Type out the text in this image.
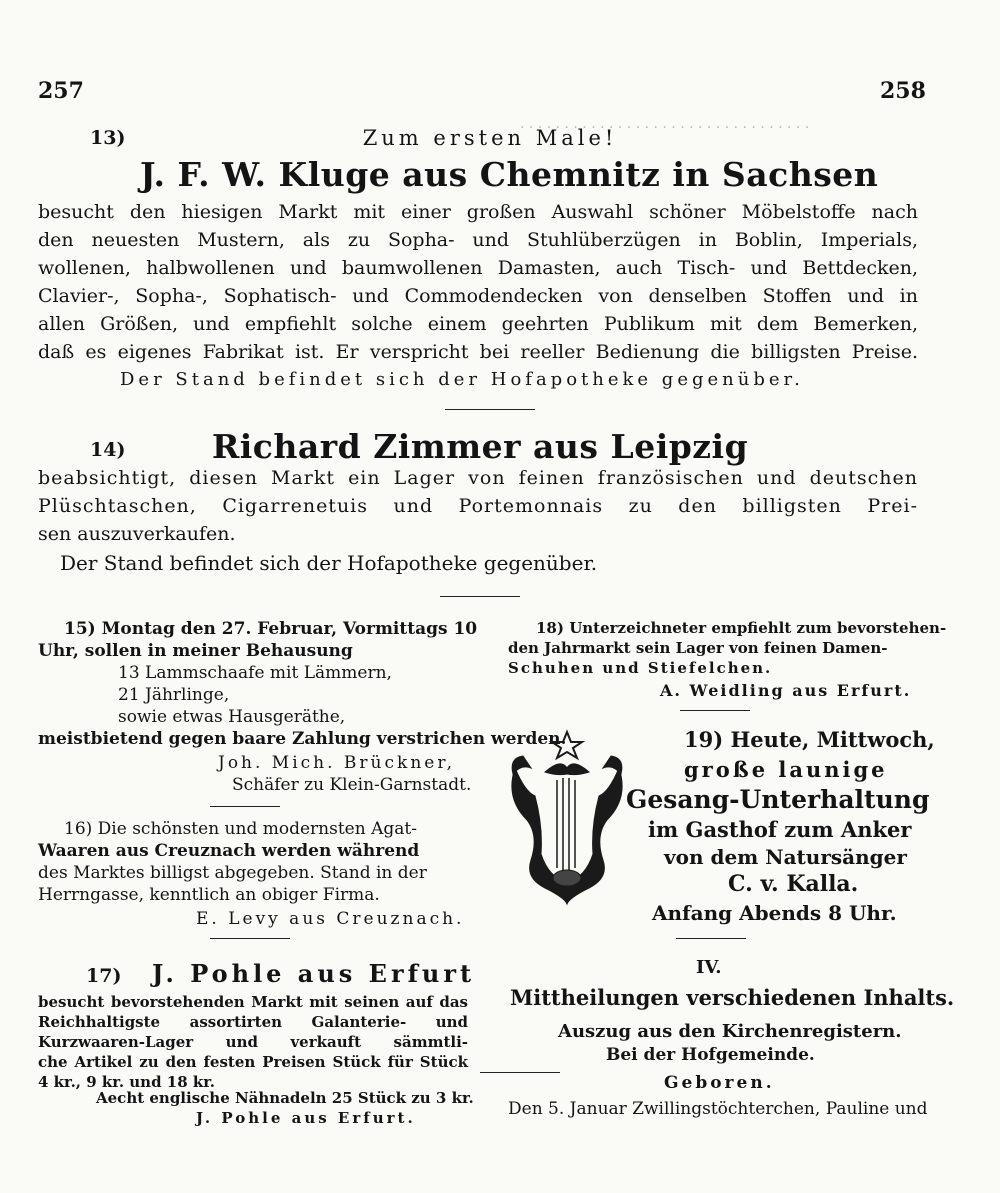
· · · · · · · · · · · · · · · · · · · · · · · · · · · · · · · · ·
257	258
13)	Zum ersten Male!
J. F. W. Kluge aus Chemnitz in Sachsen
besucht den hiesigen Markt mit einer großen Auswahl schöner Möbelstoffe nach
den neuesten Mustern, als zu Sopha- und Stuhlüberzügen in Boblin, Imperials,
wollenen, halbwollenen und baumwollenen Damasten, auch Tisch- und Bettdecken,
Clavier-, Sopha-, Sophatisch- und Commodendecken von denselben Stoffen und in
allen Größen, und empfiehlt solche einem geehrten Publikum mit dem Bemerken,
daß es eigenes Fabrikat ist. Er verspricht bei reeller Bedienung die billigsten Preise.
Der Stand befindet sich der Hofapotheke gegenüber.
14)	Richard Zimmer aus Leipzig
beabsichtigt, diesen Markt ein Lager von feinen französischen und deutschen
Plüschtaschen, Cigarrenetuis und Portemonnais zu den billigsten Prei-
sen auszuverkaufen.
Der Stand befindet sich der Hofapotheke gegenüber.
15) Montag den 27. Februar, Vormittags 10
Uhr, sollen in meiner Behausung
13 Lammschaafe mit Lämmern,
21 Jährlinge,
sowie etwas Hausgeräthe,
meistbietend gegen baare Zahlung verstrichen werden.
Joh. Mich. Brückner,
Schäfer zu Klein-Garnstadt.
16) Die schönsten und modernsten Agat-
Waaren aus Creuznach werden während
des Marktes billigst abgegeben. Stand in der
Herrngasse, kenntlich an obiger Firma.
E. Levy aus Creuznach.
17) J. Pohle aus Erfurt
besucht bevorstehenden Markt mit seinen auf das
Reichhaltigste assortirten Galanterie- und
Kurzwaaren-Lager und verkauft sämmtli-
che Artikel zu den festen Preisen Stück für Stück
4 kr., 9 kr. und 18 kr.
Aecht englische Nähnadeln 25 Stück zu 3 kr.
J. Pohle aus Erfurt.
18) Unterzeichneter empfiehlt zum bevorstehen-
den Jahrmarkt sein Lager von feinen Damen-
Schuhen und Stiefelchen.
A. Weidling aus Erfurt.
19) Heute, Mittwoch,
große launige
Gesang-Unterhaltung
im Gasthof zum Anker
von dem Natursänger
C. v. Kalla.
Anfang Abends 8 Uhr.
IV.
Mittheilungen verschiedenen Inhalts.
Auszug aus den Kirchenregistern.
Bei der Hofgemeinde.
Geboren.
Den 5. Januar Zwillingstöchterchen, Pauline und
